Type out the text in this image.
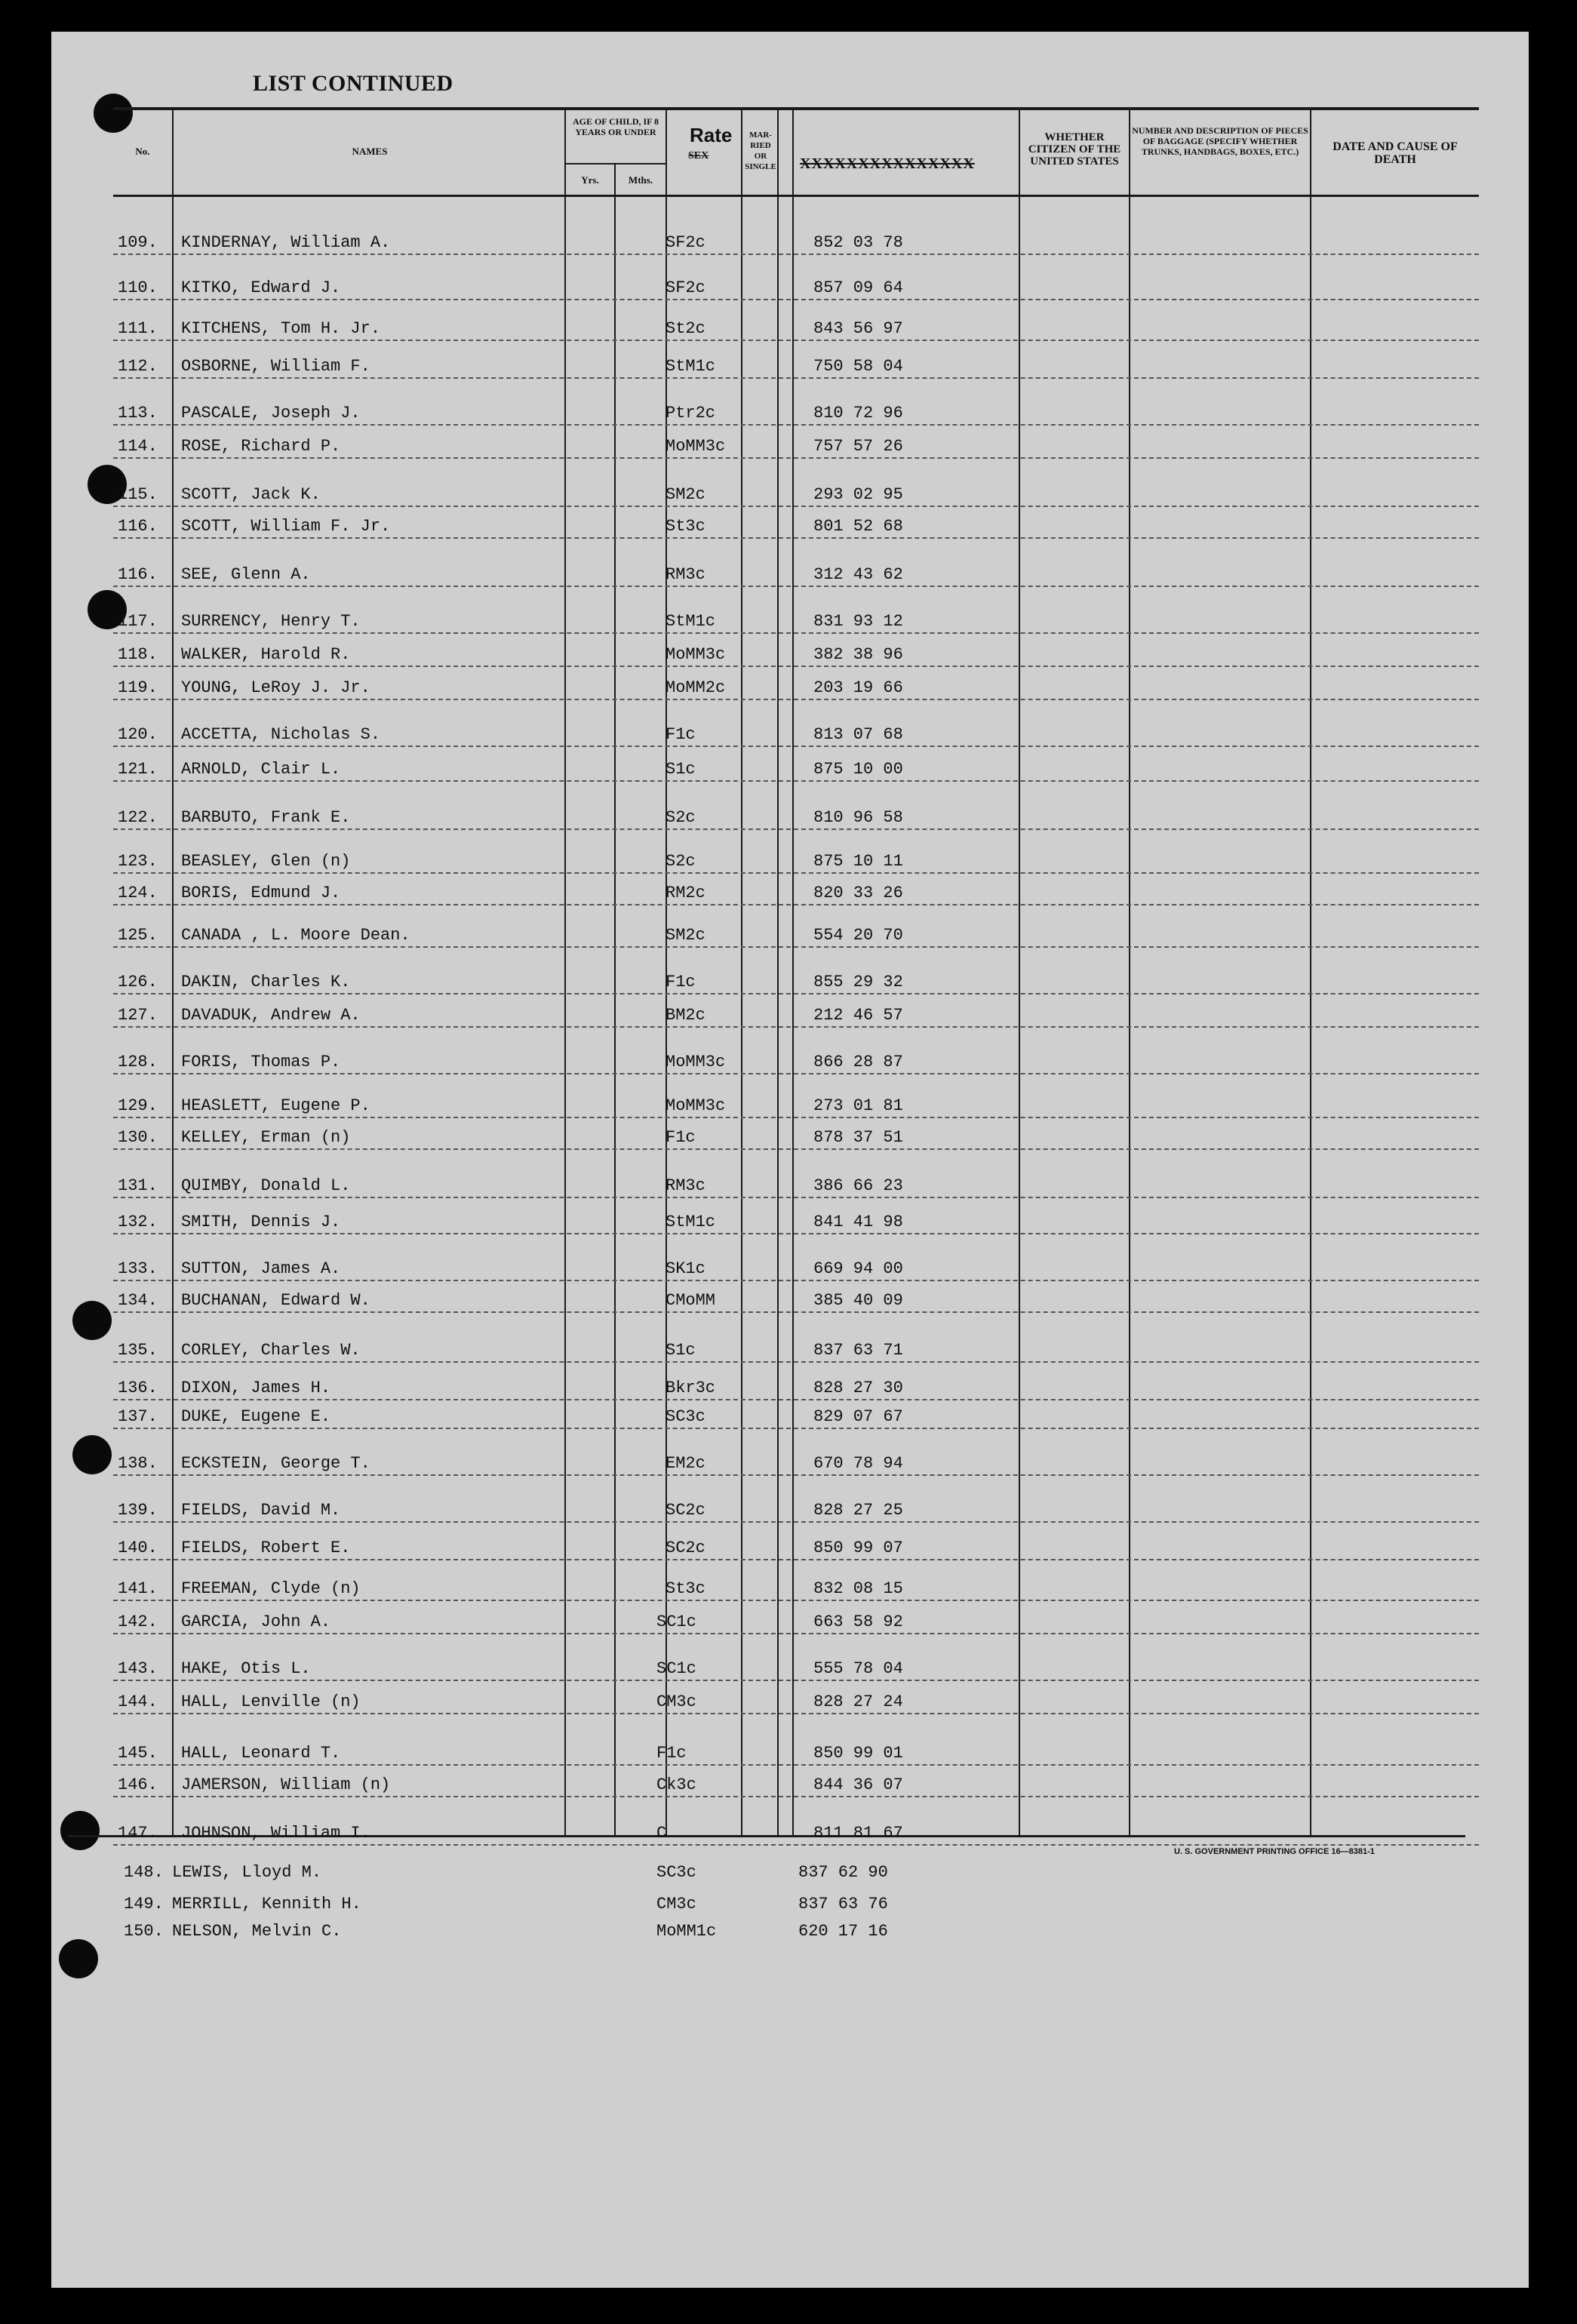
LIST CONTINUED
No.	NAMES
AGE OF CHILD, IF 8 YEARS OR UNDER
Yrs.	Mths.
Rate
SEX
MAR- RIED OR SINGLE XXXXXXXXXXXXXXX
WHETHER CITIZEN OF THE UNITED STATES
NUMBER AND DESCRIPTION OF PIECES OF BAGGAGE (SPECIFY WHETHER TRUNKS, HANDBAGS, BOXES, ETC.)	DATE AND CAUSE OF DEATH
109. KINDERNAY, William A.	SF2c	852 03 78
110. KITKO, Edward J.	SF2c	857 09 64
111. KITCHENS, Tom H. Jr.	St2c	843 56 97
112. OSBORNE, William F.	StM1c	750 58 04
113. PASCALE, Joseph J.	Ptr2c	810 72 96
114. ROSE, Richard P.	MoMM3c	757 57 26
115. SCOTT, Jack K.	SM2c	293 02 95
116. SCOTT, William F. Jr.	St3c	801 52 68
116. SEE, Glenn A.	RM3c	312 43 62
117. SURRENCY, Henry T.	StM1c	831 93 12
118. WALKER, Harold R.	MoMM3c	382 38 96
119. YOUNG, LeRoy J. Jr.	MoMM2c	203 19 66
120. ACCETTA, Nicholas S.	F1c	813 07 68
121. ARNOLD, Clair L.	S1c	875 10 00
122. BARBUTO, Frank E.	S2c	810 96 58
123. BEASLEY, Glen (n)	S2c	875 10 11
124. BORIS, Edmund J.	RM2c	820 33 26
125. CANADA , L. Moore Dean.	SM2c	554 20 70
126. DAKIN, Charles K.	F1c	855 29 32
127. DAVADUK, Andrew A.	BM2c	212 46 57
128. FORIS, Thomas P.	MoMM3c	866 28 87
129. HEASLETT, Eugene P.	MoMM3c	273 01 81
130. KELLEY, Erman (n)	F1c	878 37 51
131. QUIMBY, Donald L.	RM3c	386 66 23
132. SMITH, Dennis J.	StM1c	841 41 98
133. SUTTON, James A.	SK1c	669 94 00
134. BUCHANAN, Edward W.	CMoMM	385 40 09
135. CORLEY, Charles W.	S1c	837 63 71
136. DIXON, James H.	Bkr3c	828 27 30
137. DUKE, Eugene E.	SC3c	829 07 67
138. ECKSTEIN, George T.	EM2c	670 78 94
139. FIELDS, David M.	SC2c	828 27 25
140. FIELDS, Robert E.	SC2c	850 99 07
141. FREEMAN, Clyde (n)	St3c	832 08 15
142. GARCIA, John A.	SC1c	663 58 92
143. HAKE, Otis L.	SC1c	555 78 04
144. HALL, Lenville (n)	CM3c	828 27 24
145. HALL, Leonard T.	F1c	850 99 01
146. JAMERSON, William (n)	Ck3c	844 36 07
147. JOHNSON, William I.	C	811 81 67
148. LEWIS, Lloyd M.	SC3c	837 62 90
149. MERRILL, Kennith H.	CM3c	837 63 76
150. NELSON, Melvin C.	MoMM1c	620 17 16
U. S. GOVERNMENT PRINTING OFFICE 16—8381-1
